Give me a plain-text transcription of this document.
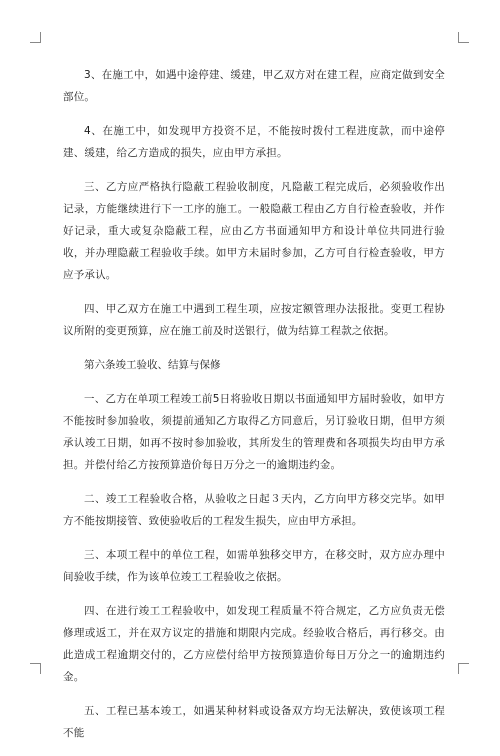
3、在施工中，如遇中途停建、缓建，甲乙双方对在建工程，应商定做到安全部位。

4、在施工中，如发现甲方投资不足，不能按时拨付工程进度款，而中途停建、缓建，给乙方造成的损失，应由甲方承担。

三、乙方应严格执行隐蔽工程验收制度，凡隐蔽工程完成后，必须验收作出记录，方能继续进行下一工序的施工。一般隐蔽工程由乙方自行检查验收，并作好记录，重大或复杂隐蔽工程，应由乙方书面通知甲方和设计单位共同进行验收，并办理隐蔽工程验收手续。如甲方未届时参加，乙方可自行检查验收，甲方应予承认。

四、甲乙双方在施工中遇到工程生项，应按定额管理办法报批。变更工程协议所附的变更预算，应在施工前及时送银行，做为结算工程款之依据。

第六条竣工验收、结算与保修

一、乙方在单项工程竣工前5日将验收日期以书面通知甲方届时验收，如甲方不能按时参加验收，须提前通知乙方取得乙方同意后，另订验收日期，但甲方须承认竣工日期，如再不按时参加验收，其所发生的管理费和各项损失均由甲方承担。并偿付给乙方按预算造价每日万分之一的逾期违约金。

二、竣工工程验收合格，从验收之日起３天内，乙方向甲方移交完毕。如甲方不能按期接管、致使验收后的工程发生损失，应由甲方承担。

三、本项工程中的单位工程，如需单独移交甲方，在移交时，双方应办理中间验收手续，作为该单位竣工工程验收之依据。

四、在进行竣工工程验收中，如发现工程质量不符合规定，乙方应负责无偿修理或返工，并在双方议定的措施和期限内完成。经验收合格后，再行移交。由此造成工程逾期交付的，乙方应偿付给甲方按预算造价每日万分之一的逾期违约金。

五、工程已基本竣工，如遇某种材料或设备双方均无法解决，致使该项工程不能
